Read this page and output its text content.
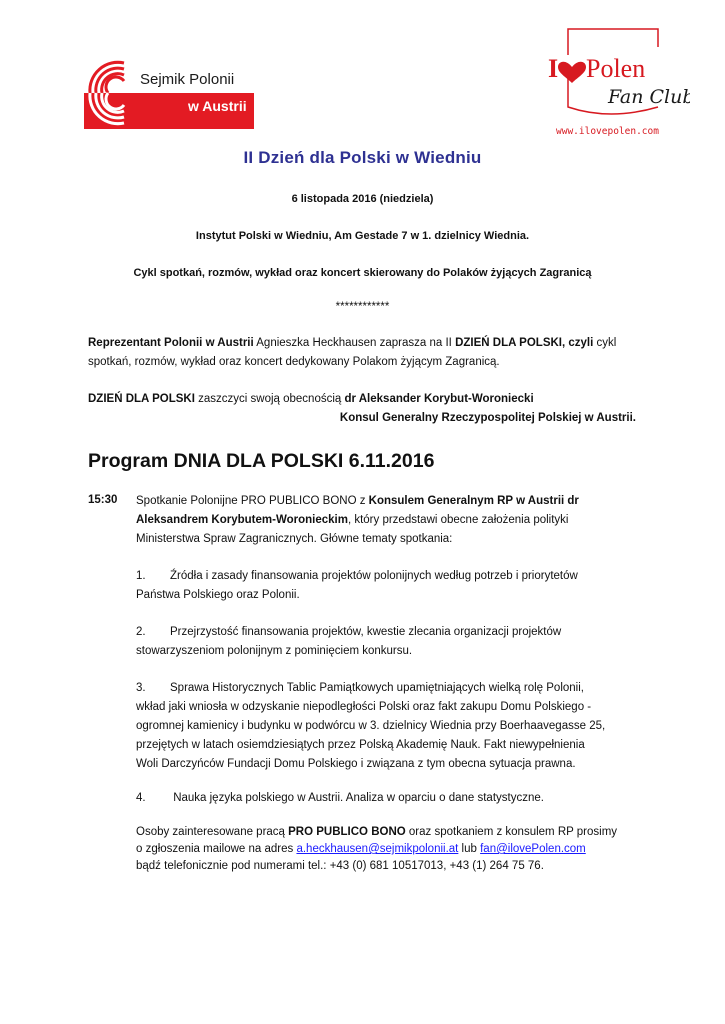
Sejmik Polonii
w Austrii
I Polen
Fan Club
www.ilovepolen.com
II Dzień dla Polski w Wiedniu
6 listopada 2016 (niedziela)
Instytut Polski w Wiedniu, Am Gestade 7 w 1. dzielnicy Wiednia.
Cykl spotkań, rozmów, wykład oraz koncert skierowany do Polaków żyjących Zagranicą
************
Reprezentant Polonii w Austrii Agnieszka Heckhausen zaprasza na II DZIEŃ DLA POLSKI, czyli cykl
spotkań, rozmów, wykład oraz koncert dedykowany Polakom żyjącym Zagranicą.
DZIEŃ DLA POLSKI zaszczyci swoją obecnością dr Aleksander Korybut-Woroniecki
Konsul Generalny Rzeczypospolitej Polskiej w Austrii.
Program DNIA DLA POLSKI 6.11.2016
15:30 Spotkanie Polonijne PRO PUBLICO BONO z Konsulem Generalnym RP w Austrii dr
Aleksandrem Korybutem-Woronieckim, który przedstawi obecne założenia polityki
Ministerstwa Spraw Zagranicznych. Główne tematy spotkania:
1. Źródła i zasady finansowania projektów polonijnych według potrzeb i priorytetów
Państwa Polskiego oraz Polonii.
2. Przejrzystość finansowania projektów, kwestie zlecania organizacji projektów
stowarzyszeniom polonijnym z pominięciem konkursu.
3. Sprawa Historycznych Tablic Pamiątkowych upamiętniających wielką rolę Polonii,
wkład jaki wniosła w odzyskanie niepodległości Polski oraz fakt zakupu Domu Polskiego -
ogromnej kamienicy i budynku w podwórcu w 3. dzielnicy Wiednia przy Boerhaavegasse 25,
przejętych w latach osiemdziesiątych przez Polską Akademię Nauk. Fakt niewypełnienia
Woli Darczyńców Fundacji Domu Polskiego i związana z tym obecna sytuacja prawna.
4. Nauka języka polskiego w Austrii. Analiza w oparciu o dane statystyczne.
Osoby zainteresowane pracą PRO PUBLICO BONO oraz spotkaniem z konsulem RP prosimy
o zgłoszenia mailowe na adres a.heckhausen@sejmikpolonii.at lub fan@ilovePolen.com
bądź telefonicznie pod numerami tel.: +43 (0) 681 10517013, +43 (1) 264 75 76.
